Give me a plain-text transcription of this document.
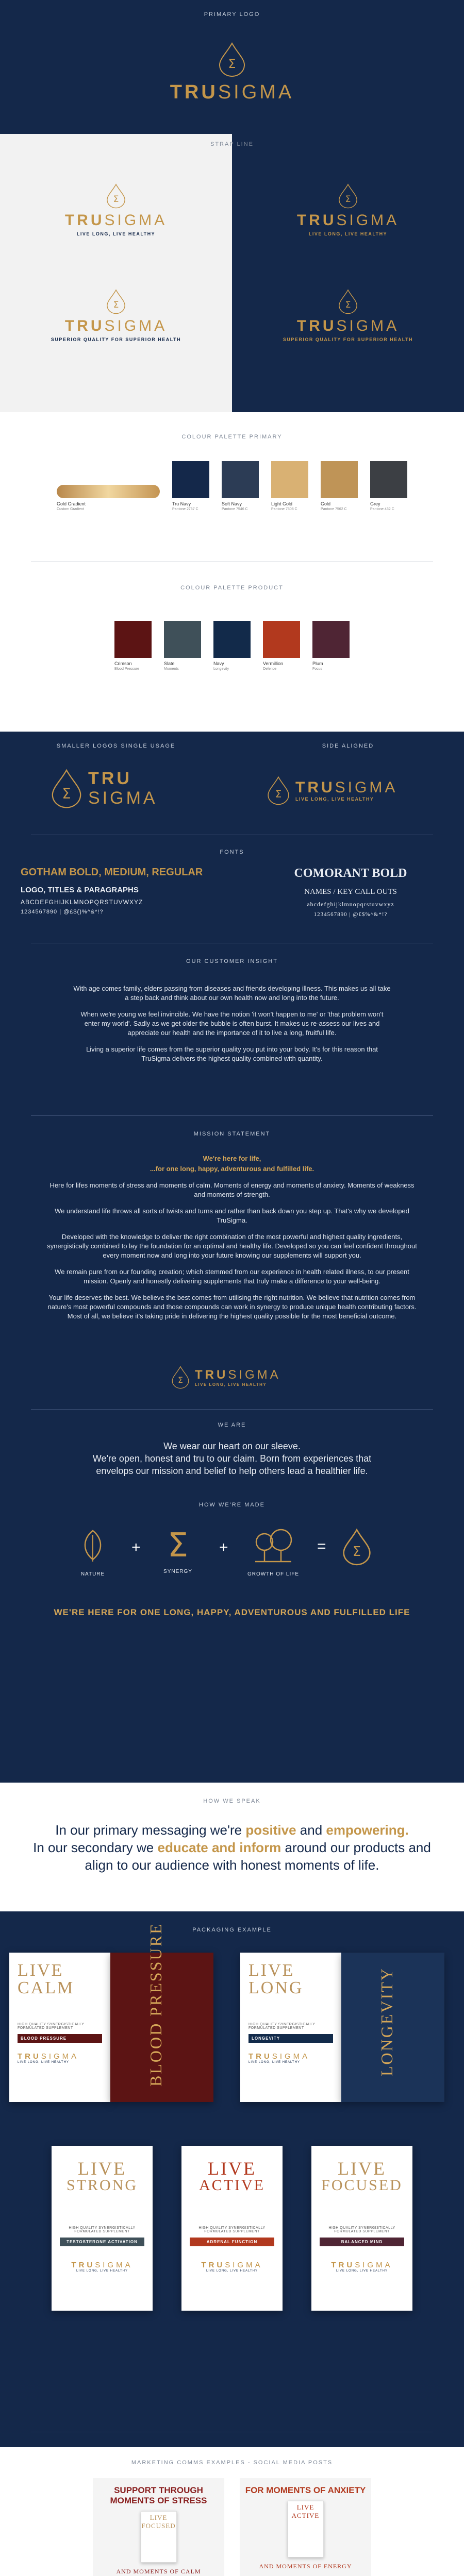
PRIMARY LOGO
Σ
TRUSIGMA
STRAP LINE
Σ
TRUSIGMA
LIVE LONG, LIVE HEALTHY
Σ
TRUSIGMA
LIVE LONG, LIVE HEALTHY
Σ
TRUSIGMA
SUPERIOR QUALITY FOR SUPERIOR HEALTH
Σ
TRUSIGMA
SUPERIOR QUALITY FOR SUPERIOR HEALTH
COLOUR PALETTE PRIMARY
Gold Gradient
Custom Gradient
Tru Navy
Pantone 2767 C
Soft Navy
Pantone 7546 C
Light Gold
Pantone 7508 C
Gold
Pantone 7562 C
Grey
Pantone 432 C
COLOUR PALETTE PRODUCT
Crimson
Blood Pressure
Slate
Moments
Navy
Longevity
Vermillion
Defence
Plum
Focus
SMALLER LOGOS SINGLE USAGE	SIDE ALIGNED
Σ
TRU
SIGMA	Σ TRUSIGMA
LIVE LONG, LIVE HEALTHY
FONTS
GOTHAM BOLD, MEDIUM, REGULAR
LOGO, TITLES & PARAGRAPHS
ABCDEFGHIJKLMNOPQRSTUVWXYZ
1234567890 | @£$()%^&*!?
COMORANT BOLD
NAMES / KEY CALL OUTS
abcdefghijklmnopqrstuvwxyz
1234567890 | @£$%^&*!?
OUR CUSTOMER INSIGHT

With age comes family, elders passing from diseases and friends developing illness. This makes us all take a step back and think about our own health now and long into the future.

When we're young we feel invincible. We have the notion 'it won't happen to me' or 'that problem won't enter my world'. Sadly as we get older the bubble is often burst. It makes us re-assess our lives and appreciate our health and the importance of it to live a long, fruitful life.

Living a superior life comes from the superior quality you put into your body. It's for this reason that TruSigma delivers the highest quality combined with quantity.

MISSION STATEMENT

We're here for life,

...for one long, happy, adventurous and fulfilled life.

Here for lifes moments of stress and moments of calm. Moments of energy and moments of anxiety. Moments of weakness and moments of strength.

We understand life throws all sorts of twists and turns and rather than back down you step up. That's why we developed TruSigma.

Developed with the knowledge to deliver the right combination of the most powerful and highest quality ingredients, synergistically combined to lay the foundation for an optimal and healthy life. Developed so you can feel confident throughout every moment now and long into your future knowing our supplements will support you.

We remain pure from our founding creation; which stemmed from our experience in health related illness, to our present mission. Openly and honestly delivering supplements that truly make a difference to your well-being.

Your life deserves the best. We believe the best comes from utilising the right nutrition. We believe that nutrition comes from nature's most powerful compounds and those compounds can work in synergy to produce unique health contributing factors. Most of all, we believe it's taking pride in delivering the highest quality possible for the most beneficial outcome.

Σ TRUSIGMA
LIVE LONG, LIVE HEALTHY
WE ARE
We wear our heart on our sleeve.
We're open, honest and tru to our claim. Born from experiences that envelops our mission and belief to help others lead a healthier life.
HOW WE'RE MADE
NATURE
+ Σ
SYNERGY
+
GROWTH OF LIFE
= Σ
WE'RE HERE FOR ONE LONG, HAPPY, ADVENTUROUS AND FULFILLED LIFE
HOW WE SPEAK
In our primary messaging we're positive and empowering.
In our secondary we educate and inform around our products and align to our audience with honest moments of life.
PACKAGING EXAMPLE
LIVE
CALM
HIGH QUALITY SYNERGISTICALLY FORMULATED SUPPLEMENT
BLOOD PRESSURE
TRUSIGMA
LIVE LONG, LIVE HEALTHY	BLOOD PRESSURE	LIVE
LONG
HIGH QUALITY SYNERGISTICALLY FORMULATED SUPPLEMENT
LONGEVITY
TRUSIGMA
LIVE LONG, LIVE HEALTHY	LONGEVITY
LIVE
STRONG
HIGH QUALITY SYNERGISTICALLY FORMULATED SUPPLEMENT
TESTOSTERONE ACTIVATION
TRUSIGMA
LIVE LONG, LIVE HEALTHY
LIVE
ACTIVE
HIGH QUALITY SYNERGISTICALLY FORMULATED SUPPLEMENT
ADRENAL FUNCTION
TRUSIGMA
LIVE LONG, LIVE HEALTHY
LIVE
FOCUSED
HIGH QUALITY SYNERGISTICALLY FORMULATED SUPPLEMENT
BALANCED MIND
TRUSIGMA
LIVE LONG, LIVE HEALTHY
MARKETING COMMS EXAMPLES - SOCIAL MEDIA POSTS
SUPPORT THROUGH MOMENTS OF STRESS
LIVE FOCUSED
AND MOMENTS OF CALM
FOR MOMENTS OF ANXIETY
LIVE ACTIVE
AND MOMENTS OF ENERGY
